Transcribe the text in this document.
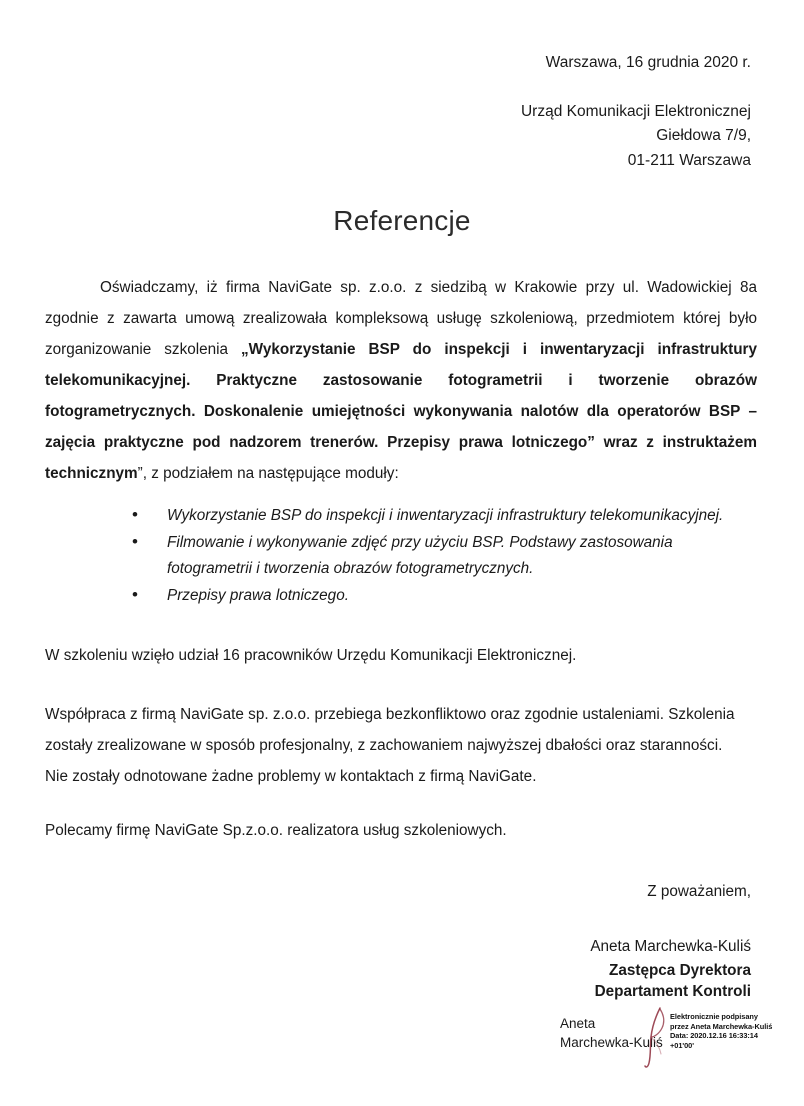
Warszawa, 16 grudnia 2020 r.

Urząd Komunikacji Elektronicznej

Giełdowa 7/9,

01-211 Warszawa

Referencje

Oświadczamy, iż firma NaviGate sp. z.o.o. z siedzibą w Krakowie przy ul. Wadowickiej 8a zgodnie z zawarta umową zrealizowała kompleksową usługę szkoleniową, przedmiotem której było zorganizowanie szkolenia „Wykorzystanie BSP do inspekcji i inwentaryzacji infrastruktury telekomunikacyjnej. Praktyczne zastosowanie fotogrametrii i tworzenie obrazów fotogrametrycznych. Doskonalenie umiejętności wykonywania nalotów dla operatorów BSP – zajęcia praktyczne pod nadzorem trenerów. Przepisy prawa lotniczego” wraz z instruktażem technicznym”, z podziałem na następujące moduły:

• Wykorzystanie BSP do inspekcji i inwentaryzacji infrastruktury telekomunikacyjnej.
• Filmowanie i wykonywanie zdjęć przy użyciu BSP. Podstawy zastosowania fotogrametrii i tworzenia obrazów fotogrametrycznych.
• Przepisy prawa lotniczego.

W szkoleniu wzięło udział 16 pracowników Urzędu Komunikacji Elektronicznej.

Współpraca z firmą NaviGate sp. z.o.o. przebiega bezkonfliktowo oraz zgodnie ustaleniami. Szkolenia

zostały zrealizowane w sposób profesjonalny, z zachowaniem najwyższej dbałości oraz staranności.

Nie zostały odnotowane żadne problemy w kontaktach z firmą NaviGate.

Polecamy firmę NaviGate Sp.z.o.o. realizatora usług szkoleniowych.

Z poważaniem,

Aneta Marchewka-Kuliś

Zastępca Dyrektora

Departament Kontroli

Aneta
Marchewka-Kuliś
Elektronicznie podpisany
przez Aneta Marchewka-Kuliś
Data: 2020.12.16 16:33:14
+01'00'
